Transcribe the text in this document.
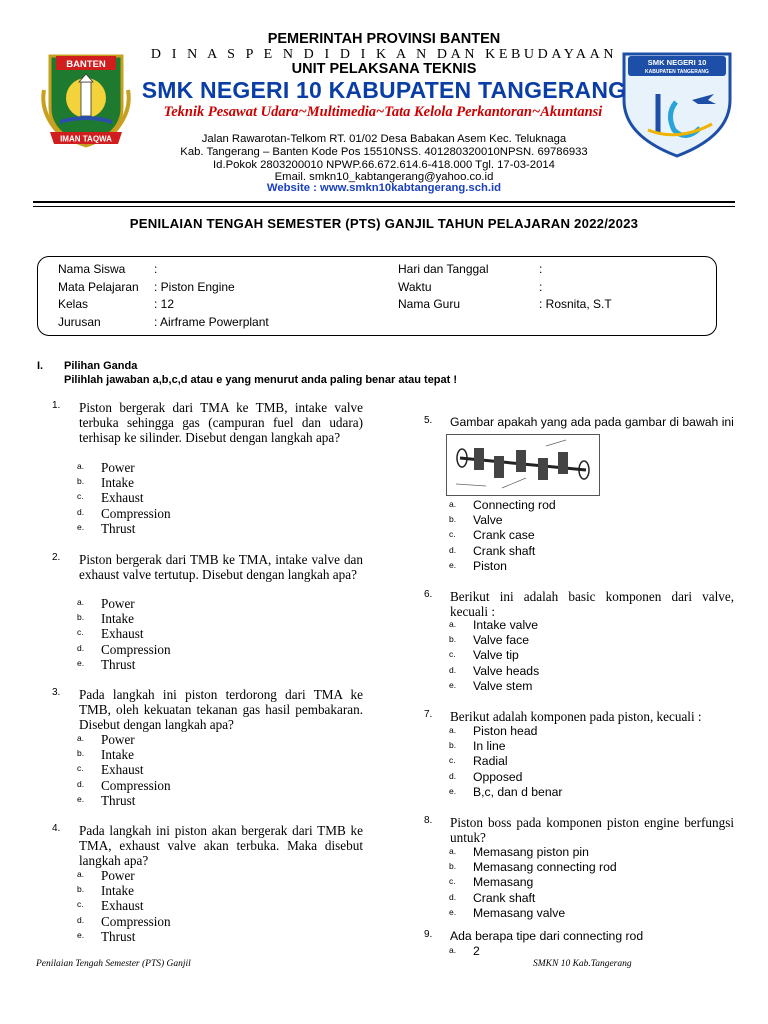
BANTEN
IMAN TAQWA
SMK NEGERI 10
KABUPATEN TANGERANG
PEMERINTAH PROVINSI BANTEN
D I N A S P E N D I D I K A N DAN KEBUDAYAAN
UNIT PELAKSANA TEKNIS
SMK NEGERI 10 KABUPATEN TANGERANG
Teknik Pesawat Udara~Multimedia~Tata Kelola Perkantoran~Akuntansi
Jalan Rawarotan-Telkom RT. 01/02 Desa Babakan Asem Kec. Teluknaga
Kab. Tangerang – Banten Kode Pos 15510NSS. 401280320010NPSN. 69786933
Id.Pokok 2803200010 NPWP.66.672.614.6-418.000 Tgl. 17-03-2014
Email. smkn10_kabtangerang@yahoo.co.id
Website : www.smkn10kabtangerang.sch.id
PENILAIAN TENGAH SEMESTER (PTS) GANJIL TAHUN PELAJARAN 2022/2023
Nama Siswa	:
Mata Pelajaran	: Piston Engine
Kelas	: 12
Jurusan	: Airframe Powerplant
Hari dan Tanggal	:
Waktu	:
Nama Guru	: Rosnita, S.T
I. Pilihan Ganda
Pilihlah jawaban a,b,c,d atau e yang menurut anda paling benar atau tepat !
1. Piston bergerak dari TMA ke TMB, intake valve terbuka sehingga gas (campuran fuel dan udara) terhisap ke silinder. Disebut dengan langkah apa?
a. Power
b. Intake
c. Exhaust
d. Compression
e. Thrust
2. Piston bergerak dari TMB ke TMA, intake valve dan exhaust valve tertutup. Disebut dengan langkah apa?
a. Power
b. Intake
c. Exhaust
d. Compression
e. Thrust
3. Pada langkah ini piston terdorong dari TMA ke TMB, oleh kekuatan tekanan gas hasil pembakaran. Disebut dengan langkah apa?
a. Power
b. Intake
c. Exhaust
d. Compression
e. Thrust
4. Pada langkah ini piston akan bergerak dari TMB ke TMA, exhaust valve akan terbuka. Maka disebut langkah apa?
a. Power
b. Intake
c. Exhaust
d. Compression
e. Thrust
5. Gambar apakah yang ada pada gambar di bawah ini
a. Connecting rod
b. Valve
c. Crank case
d. Crank shaft
e. Piston
6. Berikut ini adalah basic komponen dari valve, kecuali :
a. Intake valve
b. Valve face
c. Valve tip
d. Valve heads
e. Valve stem
7. Berikut adalah komponen pada piston, kecuali :
a. Piston head
b. In line
c. Radial
d. Opposed
e. B,c, dan d benar
8. Piston boss pada komponen piston engine berfungsi untuk?
a. Memasang piston pin
b. Memasang connecting rod
c. Memasang
d. Crank shaft
e. Memasang valve
9. Ada berapa tipe dari connecting rod
a. 2
Penilaian Tengah Semester (PTS) Ganjil	SMKN 10 Kab.Tangerang
